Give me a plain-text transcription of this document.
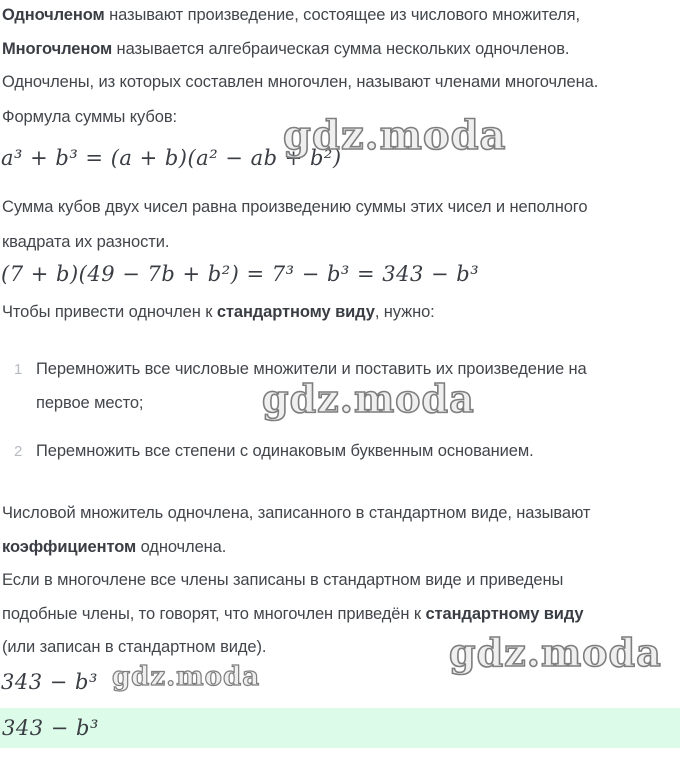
Одночленом называют произведение, состоящее из числового множителя,
Многочленом называется алгебраическая сумма нескольких одночленов.
Одночлены, из которых составлен многочлен, называют членами многочлена.
Формула суммы кубов:
a³ + b³ = (a + b)(a² − ab + b²)
Сумма кубов двух чисел равна произведению суммы этих чисел и неполного
квадрата их разности.
(7 + b)(49 − 7b + b²) = 7³ − b³ = 343 − b³
Чтобы привести одночлен к стандартному виду, нужно:
1 Перемножить все числовые множители и поставить их произведение на
первое место;
2 Перемножить все степени с одинаковым буквенным основанием.
Числовой множитель одночлена, записанного в стандартном виде, называют
коэффициентом одночлена.
Если в многочлене все члены записаны в стандартном виде и приведены
подобные члены, то говорят, что многочлен приведён к стандартному виду
(или записан в стандартном виде).
343 − b³
343 − b³
gdz.moda
gdz.moda
gdz.moda
gdz.moda
